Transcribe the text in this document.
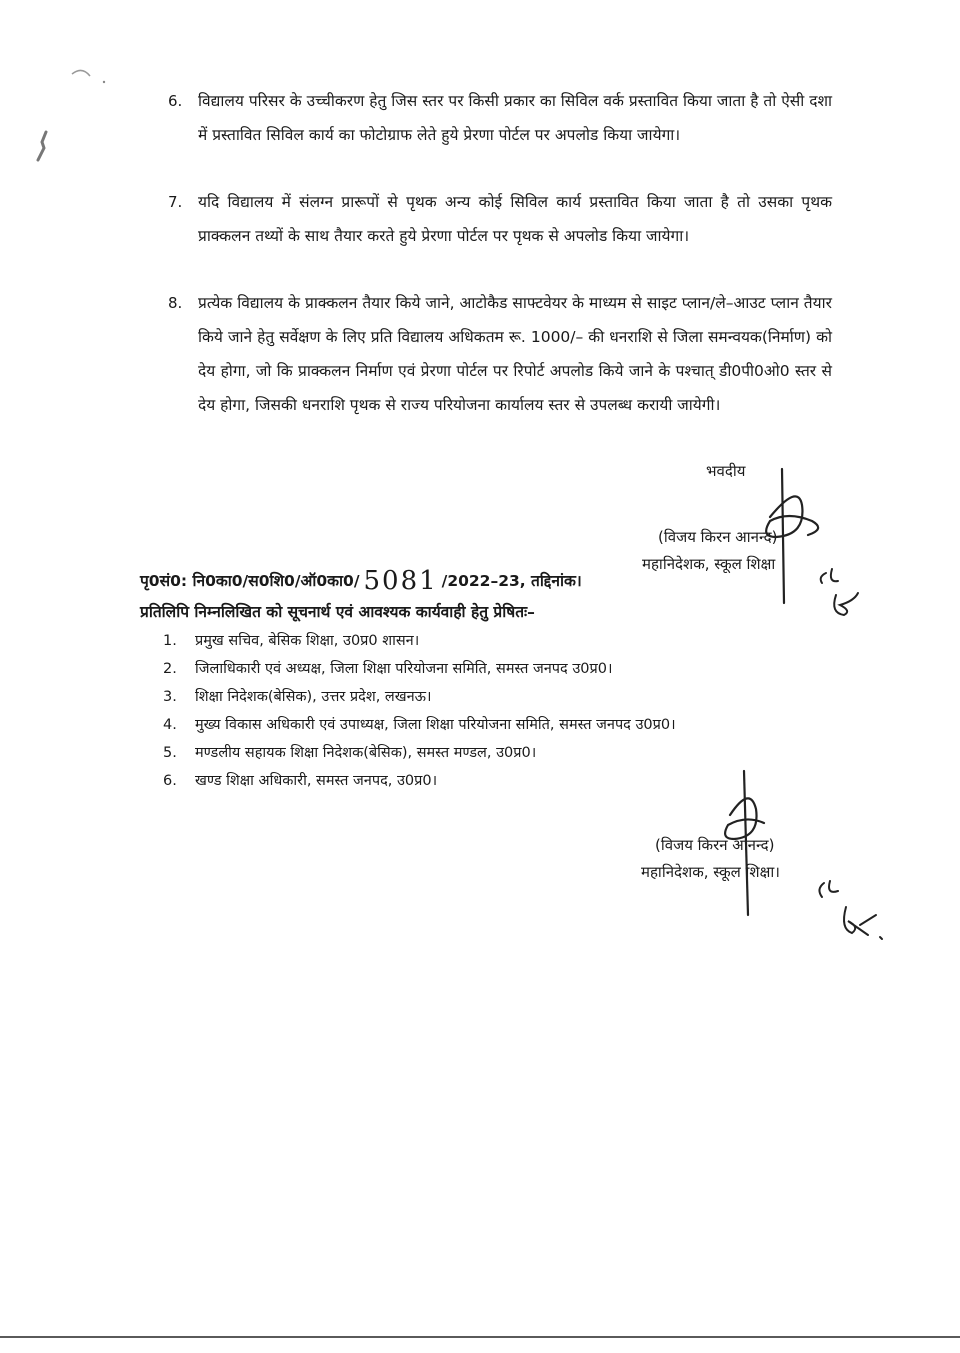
6.	विद्यालय परिसर के उच्चीकरण हेतु जिस स्तर पर किसी प्रकार का सिविल वर्क प्रस्तावित किया जाता है तो ऐसी दशा में प्रस्तावित सिविल कार्य का फोटोग्राफ लेते हुये प्रेरणा पोर्टल पर अपलोड किया जायेगा।
7.	यदि विद्यालय में संलग्न प्रारूपों से पृथक अन्य कोई सिविल कार्य प्रस्तावित किया जाता है तो उसका पृथक प्राक्कलन तथ्यों के साथ तैयार करते हुये प्रेरणा पोर्टल पर पृथक से अपलोड किया जायेगा।
8.	प्रत्येक विद्यालय के प्राक्कलन तैयार किये जाने, आटोकैड साफ्टवेयर के माध्यम से साइट प्लान/ले–आउट प्लान तैयार किये जाने हेतु सर्वेक्षण के लिए प्रति विद्यालय अधिकतम रू. 1000/– की धनराशि से जिला समन्वयक(निर्माण) को देय होगा, जो कि प्राक्कलन निर्माण एवं प्रेरणा पोर्टल पर रिपोर्ट अपलोड किये जाने के पश्चात् डी0पी0ओ0 स्तर से देय होगा, जिसकी धनराशि पृथक से राज्य परियोजना कार्यालय स्तर से उपलब्ध करायी जायेगी।
भवदीय
(विजय किरन आनन्द)
महानिदेशक, स्कूल शिक्षा
पृ0सं0: नि0का0/स0शि0/ऑ0का0/ 5081 /2022–23, तद्दिनांक।
प्रतिलिपि निम्नलिखित को सूचनार्थ एवं आवश्यक कार्यवाही हेतु प्रेषितः–
1. प्रमुख सचिव, बेसिक शिक्षा, उ0प्र0 शासन।
2. जिलाधिकारी एवं अध्यक्ष, जिला शिक्षा परियोजना समिति, समस्त जनपद उ0प्र0।
3. शिक्षा निदेशक(बेसिक), उत्तर प्रदेश, लखनऊ।
4. मुख्य विकास अधिकारी एवं उपाध्यक्ष, जिला शिक्षा परियोजना समिति, समस्त जनपद उ0प्र0।
5. मण्डलीय सहायक शिक्षा निदेशक(बेसिक), समस्त मण्डल, उ0प्र0।
6. खण्ड शिक्षा अधिकारी, समस्त जनपद, उ0प्र0।
(विजय किरन आनन्द)
महानिदेशक, स्कूल शिक्षा।
